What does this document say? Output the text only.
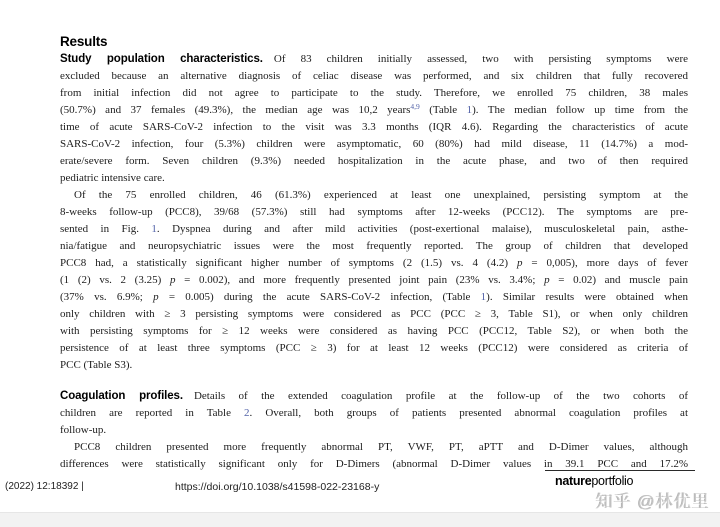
Results
Study population characteristics. Of 83 children initially assessed, two with persisting symptoms were
excluded because an alternative diagnosis of celiac disease was performed, and six children that fully recovered
from initial infection did not agree to participate to the study. Therefore, we enrolled 75 children, 38 males
(50.7%) and 37 females (49.3%), the median age was 10,2 years$^{4,9}$ (Table 1). The median follow up time from the
time of acute SARS-CoV-2 infection to the visit was 3.3 months (IQR 4.6). Regarding the characteristics of acute
SARS-CoV-2 infection, four (5.3%) children were asymptomatic, 60 (80%) had mild disease, 11 (14.7%) a mod-
erate/severe form. Seven children (9.3%) needed hospitalization in the acute phase, and two of then required
pediatric intensive care.
Of the 75 enrolled children, 46 (61.3%) experienced at least one unexplained, persisting symptom at the
8-weeks follow-up (PCC8), 39/68 (57.3%) still had symptoms after 12-weeks (PCC12). The symptoms are pre-
sented in Fig. 1. Dyspnea during and after mild activities (post-exertional malaise), musculoskeletal pain, asthe-
nia/fatigue and neuropsychiatric issues were the most frequently reported. The group of children that developed
PCC8 had, a statistically significant higher number of symptoms (2 (1.5) vs. 4 (4.2) p = 0,005), more days of fever
(1 (2) vs. 2 (3.25) p = 0.002), and more frequently presented joint pain (23% vs. 3.4%; p = 0.02) and muscle pain
(37% vs. 6.9%; p = 0.005) during the acute SARS-CoV-2 infection, (Table 1). Similar results were obtained when
only children with ≥ 3 persisting symptoms were considered as PCC (PCC ≥ 3, Table S1), or when only children
with persisting symptoms for ≥ 12 weeks were considered as having PCC (PCC12, Table S2), or when both the
persistence of at least three symptoms (PCC ≥ 3) for at least 12 weeks (PCC12) were considered as criteria of
PCC (Table S3).
Coagulation profiles. Details of the extended coagulation profile at the follow-up of the two cohorts of
children are reported in Table 2. Overall, both groups of patients presented abnormal coagulation profiles at
follow-up.
PCC8 children presented more frequently abnormal PT, VWF, PT, aPTT and D-Dimer values, although
differences were statistically significant only for D-Dimers (abnormal D-Dimer values in 39.1 PCC and 17.2%
(2022) 12:18392 |	https://doi.org/10.1038/s41598-022-23168-y	natureportfolio
知乎 @林优里
